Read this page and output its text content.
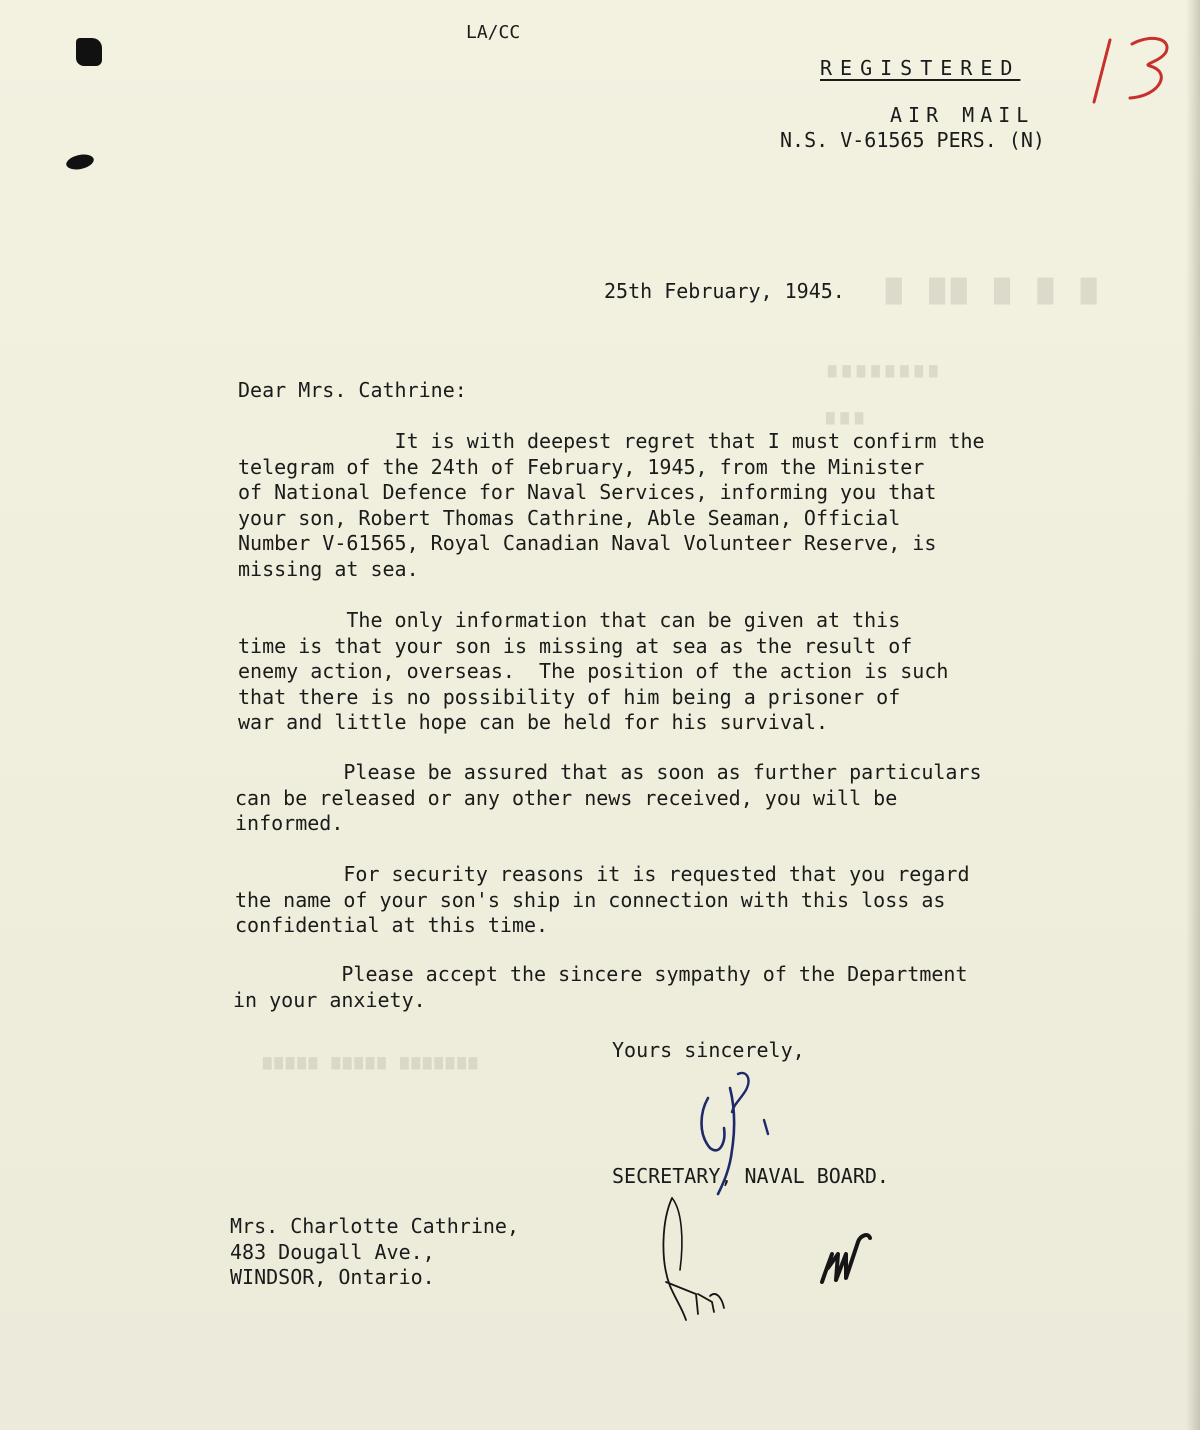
▇ ▇ ▇ ▇▇ ▇
▆▆▆▆▆▆▆▆
▆▆▆
▆▆▆▆▆▆▆ ▆▆▆▆▆ ▆▆▆▆▆
LA/CC
REGISTERED
AIR MAIL
N.S. V-61565 PERS. (N)
25th February, 1945.
Dear Mrs. Cathrine:

It is with deepest regret that I must confirm the
telegram of the 24th of February, 1945, from the Minister
of National Defence for Naval Services, informing you that
your son, Robert Thomas Cathrine, Able Seaman, Official
Number V-61565, Royal Canadian Naval Volunteer Reserve, is
missing at sea.

The only information that can be given at this
time is that your son is missing at sea as the result of
enemy action, overseas.  The position of the action is such
that there is no possibility of him being a prisoner of
war and little hope can be held for his survival.

Please be assured that as soon as further particulars
can be released or any other news received, you will be
informed.

For security reasons it is requested that you regard
the name of your son's ship in connection with this loss as
confidential at this time.

Please accept the sincere sympathy of the Department
in your anxiety.

Yours sincerely,
SECRETARY, NAVAL BOARD.
Mrs. Charlotte Cathrine,
483 Dougall Ave.,
WINDSOR, Ontario.
